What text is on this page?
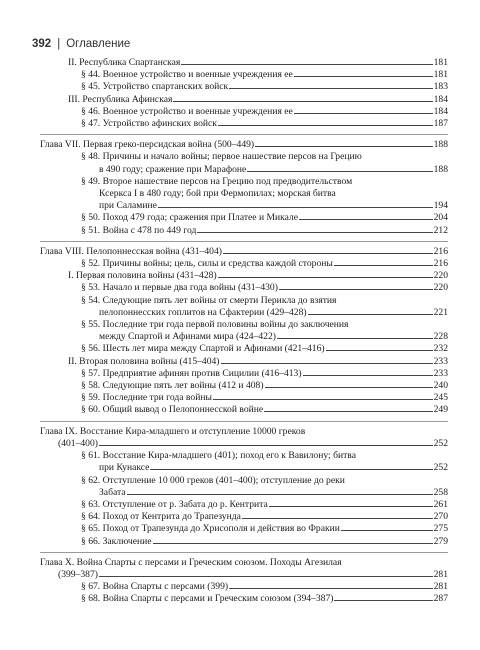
392 | Оглавление
II. Республика Спартанская	181
§ 44. Военное устройство и военные учреждения ее	181
§ 45. Устройство спартанских войск	183
III. Республика Афинская	184
§ 46. Военное устройство и военные учреждения ее	184
§ 47. Устройство афинских войск	187
Глава VII. Первая греко-персидская война (500–449)	188
§ 48. Причины и начало войны; первое нашествие персов на Грецию
в 490 году; сражение при Марафоне	188
§ 49. Второе нашествие персов на Грецию под предводительством
Ксеркса I в 480 году; бой при Фермопилах; морская битва
при Саламине	194
§ 50. Поход 479 года; сражения при Платее и Микале	204
§ 51. Война с 478 по 449 год	212
Глава VIII. Пелопоннесская война (431–404)	216
§ 52. Причины войны; цель, силы и средства каждой стороны	216
I. Первая половина войны (431–428)	220
§ 53. Начало и первые два года войны (431–430)	220
§ 54. Следующие пять лет войны от смерти Перикла до взятия
пелопоннесских гоплитов на Сфактерии (429–428)	221
§ 55. Последние три года первой половины войны до заключения
между Спартой и Афинами мира (424–422)	228
§ 56. Шесть лет мира между Спартой и Афинами (421–416)	232
II. Вторая половина войны (415–404)	233
§ 57. Предприятие афинян против Сицилии (416–413)	233
§ 58. Следующие пять лет войны (412 и 408)	240
§ 59. Последние три года войны	245
§ 60. Общий вывод о Пелопоннесской войне	249
Глава IX. Восстание Кира-младшего и отступление 10000 греков
(401–400)	252
§ 61. Восстание Кира-младшего (401); поход его к Вавилону; битва
при Кунаксе	252
§ 62. Отступление 10 000 греков (401–400); отступление до реки
Забата	258
§ 63. Отступление от р. Забата до р. Кентрита	261
§ 64. Поход от Кентрита до Трапезунда	270
§ 65. Поход от Трапезунда до Хрисополя и действия во Фракии	275
§ 66. Заключение	279
Глава X. Война Спарты с персами и Греческим союзом. Походы Агезилая
(399–387)	281
§ 67. Война Спарты с персами (399)	281
§ 68. Война Спарты с персами и Греческим союзом (394–387)	287
